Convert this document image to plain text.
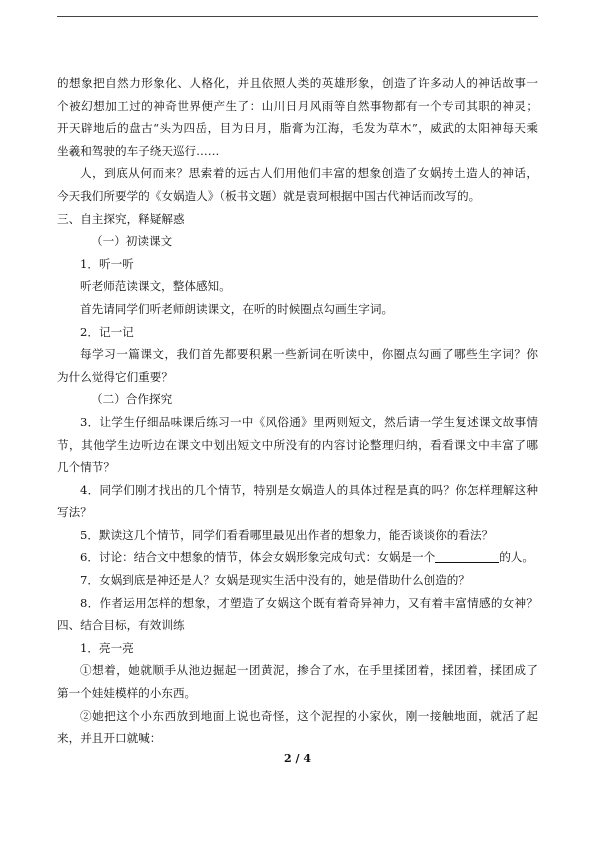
的想象把自然力形象化、人格化，并且依照人类的英雄形象，创造了许多动人的神话故事一
个被幻想加工过的神奇世界便产生了：山川日月风雨等自然事物都有一个专司其职的神灵；
开天辟地后的盘古“头为四岳，目为日月，脂膏为江海，毛发为草木”，威武的太阳神每天乘
坐羲和驾驶的车子绕天巡行……
人，到底从何而来？思索着的远古人们用他们丰富的想象创造了女娲抟土造人的神话，
今天我们所要学的《女娲造人》（板书文题）就是袁珂根据中国古代神话而改写的。
三、自主探究，释疑解惑
（一）初读课文
1．听一听
听老师范读课文，整体感知。
首先请同学们听老师朗读课文，在听的时候圈点勾画生字词。
2．记一记
每学习一篇课文，我们首先都要积累一些新词在听读中，你圈点勾画了哪些生字词？你
为什么觉得它们重要？
（二）合作探究
3．让学生仔细品味课后练习一中《风俗通》里两则短文，然后请一学生复述课文故事情
节，其他学生边听边在课文中划出短文中所没有的内容讨论整理归纳，看看课文中丰富了哪
几个情节？
4．同学们刚才找出的几个情节，特别是女娲造人的具体过程是真的吗？你怎样理解这种
写法？
5．默读这几个情节，同学们看看哪里最见出作者的想象力，能否谈谈你的看法？
6．讨论：结合文中想象的情节，体会女娲形象完成句式：女娲是一个	的人。
7．女娲到底是神还是人？女娲是现实生活中没有的，她是借助什么创造的？
8．作者运用怎样的想象，才塑造了女娲这个既有着奇异神力，又有着丰富情感的女神？
四、结合目标，有效训练
1．亮一亮
①想着，她就顺手从池边掘起一团黄泥，掺合了水，在手里揉团着，揉团着，揉团成了
第一个娃娃模样的小东西。
②她把这个小东西放到地面上说也奇怪，这个泥捏的小家伙，刚一接触地面，就活了起
来，并且开口就喊：
2 / 4
